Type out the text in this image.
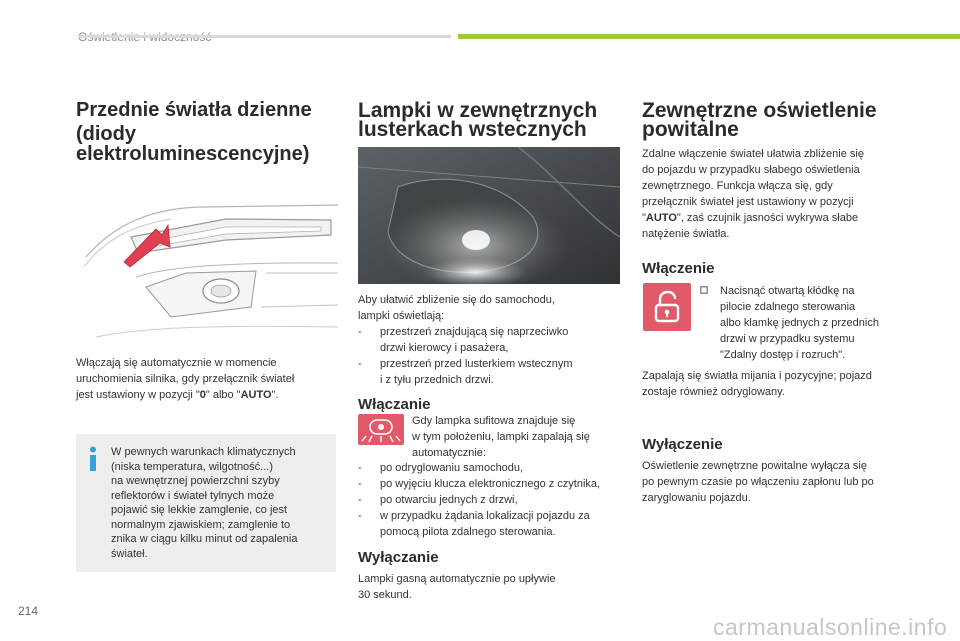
Przednie światła dzienne
(diody
elektroluminescencyjne)

Włączają się automatycznie w momencie
uruchomienia silnika, gdy przełącznik świateł
jest ustawiony w pozycji "0" albo "AUTO".

W pewnych warunkach klimatycznych
(niska temperatura, wilgotność...)
na wewnętrznej powierzchni szyby
reflektorów i świateł tylnych może
pojawić się lekkie zamglenie, co jest
normalnym zjawiskiem; zamglenie to
znika w ciągu kilku minut od zapalenia
świateł.
Lampki w zewnętrznych
lusterkach wstecznych

Aby ułatwić zbliżenie się do samochodu,
lampki oświetlają:

- przestrzeń znajdującą się naprzeciwko
drzwi kierowcy i pasażera,
- przestrzeń przed lusterkiem wstecznym
i z tyłu przednich drzwi.
Włączanie

Gdy lampka sufitowa znajduje się
w tym położeniu, lampki zapalają się
automatycznie:

- po odryglowaniu samochodu,
- po wyjęciu klucza elektronicznego z czytnika,
- po otwarciu jednych z drzwi,
- w przypadku żądania lokalizacji pojazdu za
pomocą pilota zdalnego sterowania.
Wyłączanie

Lampki gasną automatycznie po upływie
30 sekund.

Zewnętrzne oświetlenie
powitalne

Zdalne włączenie świateł ułatwia zbliżenie się
do pojazdu w przypadku słabego oświetlenia
zewnętrznego. Funkcja włącza się, gdy
przełącznik świateł jest ustawiony w pozycji
"AUTO", zaś czujnik jasności wykrywa słabe
natężenie światła.

Włączenie

Nacisnąć otwartą kłódkę na
pilocie zdalnego sterowania
albo klamkę jednych z przednich
drzwi w przypadku systemu
"Zdalny dostęp i rozruch".

Zapalają się światła mijania i pozycyjne; pojazd
zostaje również odryglowany.

Wyłączenie

Oświetlenie zewnętrzne powitalne wyłącza się
po pewnym czasie po włączeniu zapłonu lub po
zaryglowaniu pojazdu.

214
carmanualsonline.info
